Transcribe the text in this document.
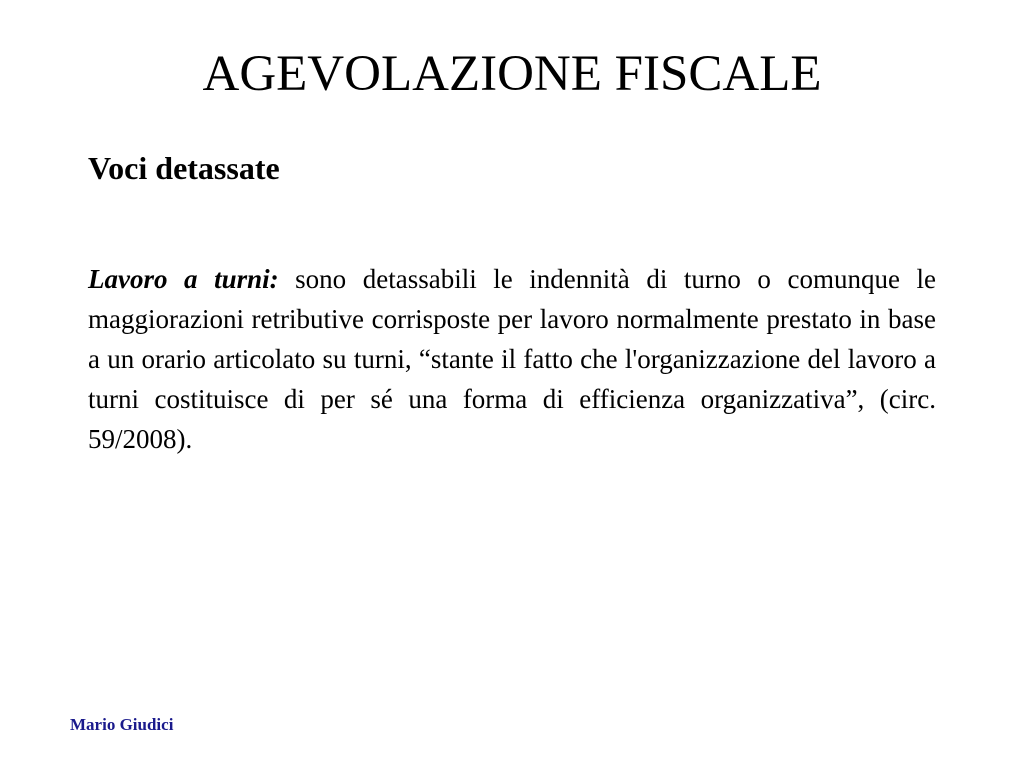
AGEVOLAZIONE FISCALE
Voci detassate

Lavoro a turni: sono detassabili le indennità di turno o comunque le maggiorazioni retributive corrisposte per lavoro normalmente prestato in base a un orario articolato su turni, “stante il fatto che l'organizzazione del lavoro a turni costituisce di per sé una forma di efficienza organizzativa”, (circ. 59/2008).

Mario Giudici
